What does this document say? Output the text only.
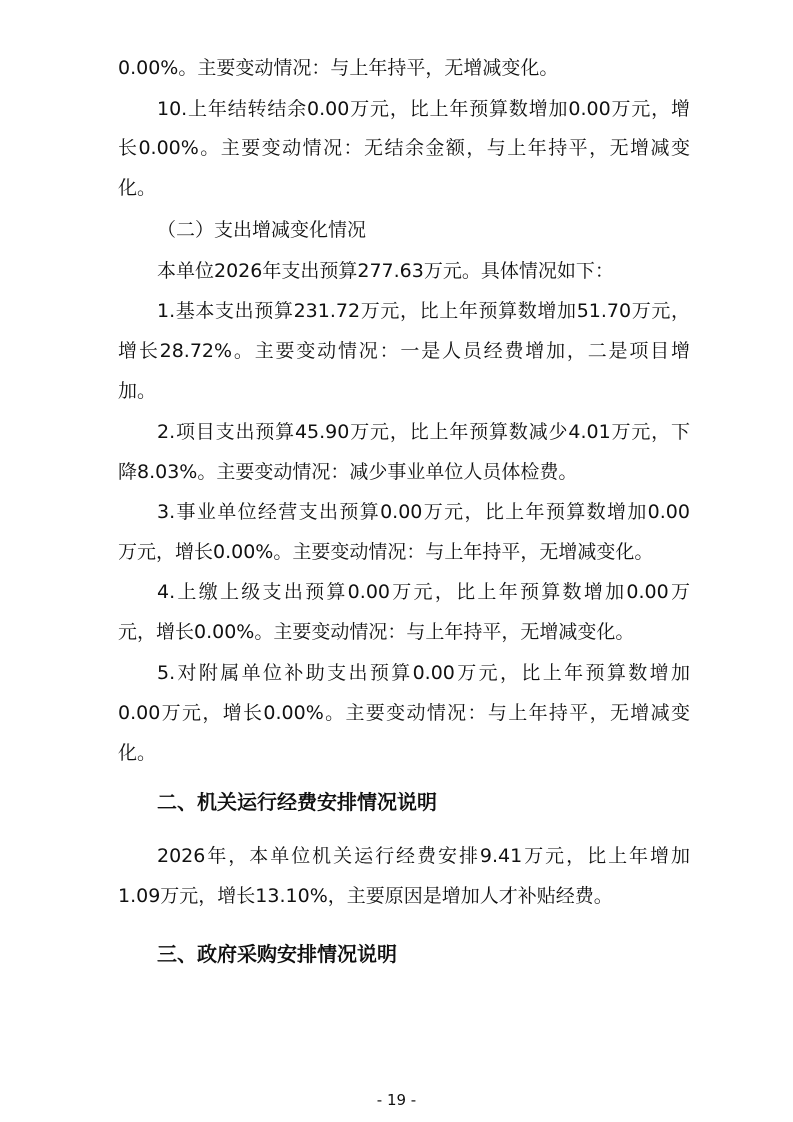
0.00%。主要变动情况：与上年持平，无增减变化。
10.上年结转结余0.00万元，比上年预算数增加0.00万元，增
长0.00%。主要变动情况：无结余金额，与上年持平，无增减变
化。
（二）支出增减变化情况
本单位2026年支出预算277.63万元。具体情况如下：
1.基本支出预算231.72万元，比上年预算数增加51.70万元，
增长28.72%。主要变动情况：一是人员经费增加，二是项目增
加。
2.项目支出预算45.90万元，比上年预算数减少4.01万元，下
降8.03%。主要变动情况：减少事业单位人员体检费。
3.事业单位经营支出预算0.00万元，比上年预算数增加0.00
万元，增长0.00%。主要变动情况：与上年持平，无增减变化。
4.上缴上级支出预算0.00万元，比上年预算数增加0.00万
元，增长0.00%。主要变动情况：与上年持平，无增减变化。
5.对附属单位补助支出预算0.00万元，比上年预算数增加
0.00万元，增长0.00%。主要变动情况：与上年持平，无增减变
化。
二、机关运行经费安排情况说明
2026年，本单位机关运行经费安排9.41万元，比上年增加
1.09万元，增长13.10%，主要原因是增加人才补贴经费。
三、政府采购安排情况说明
- 19 -
